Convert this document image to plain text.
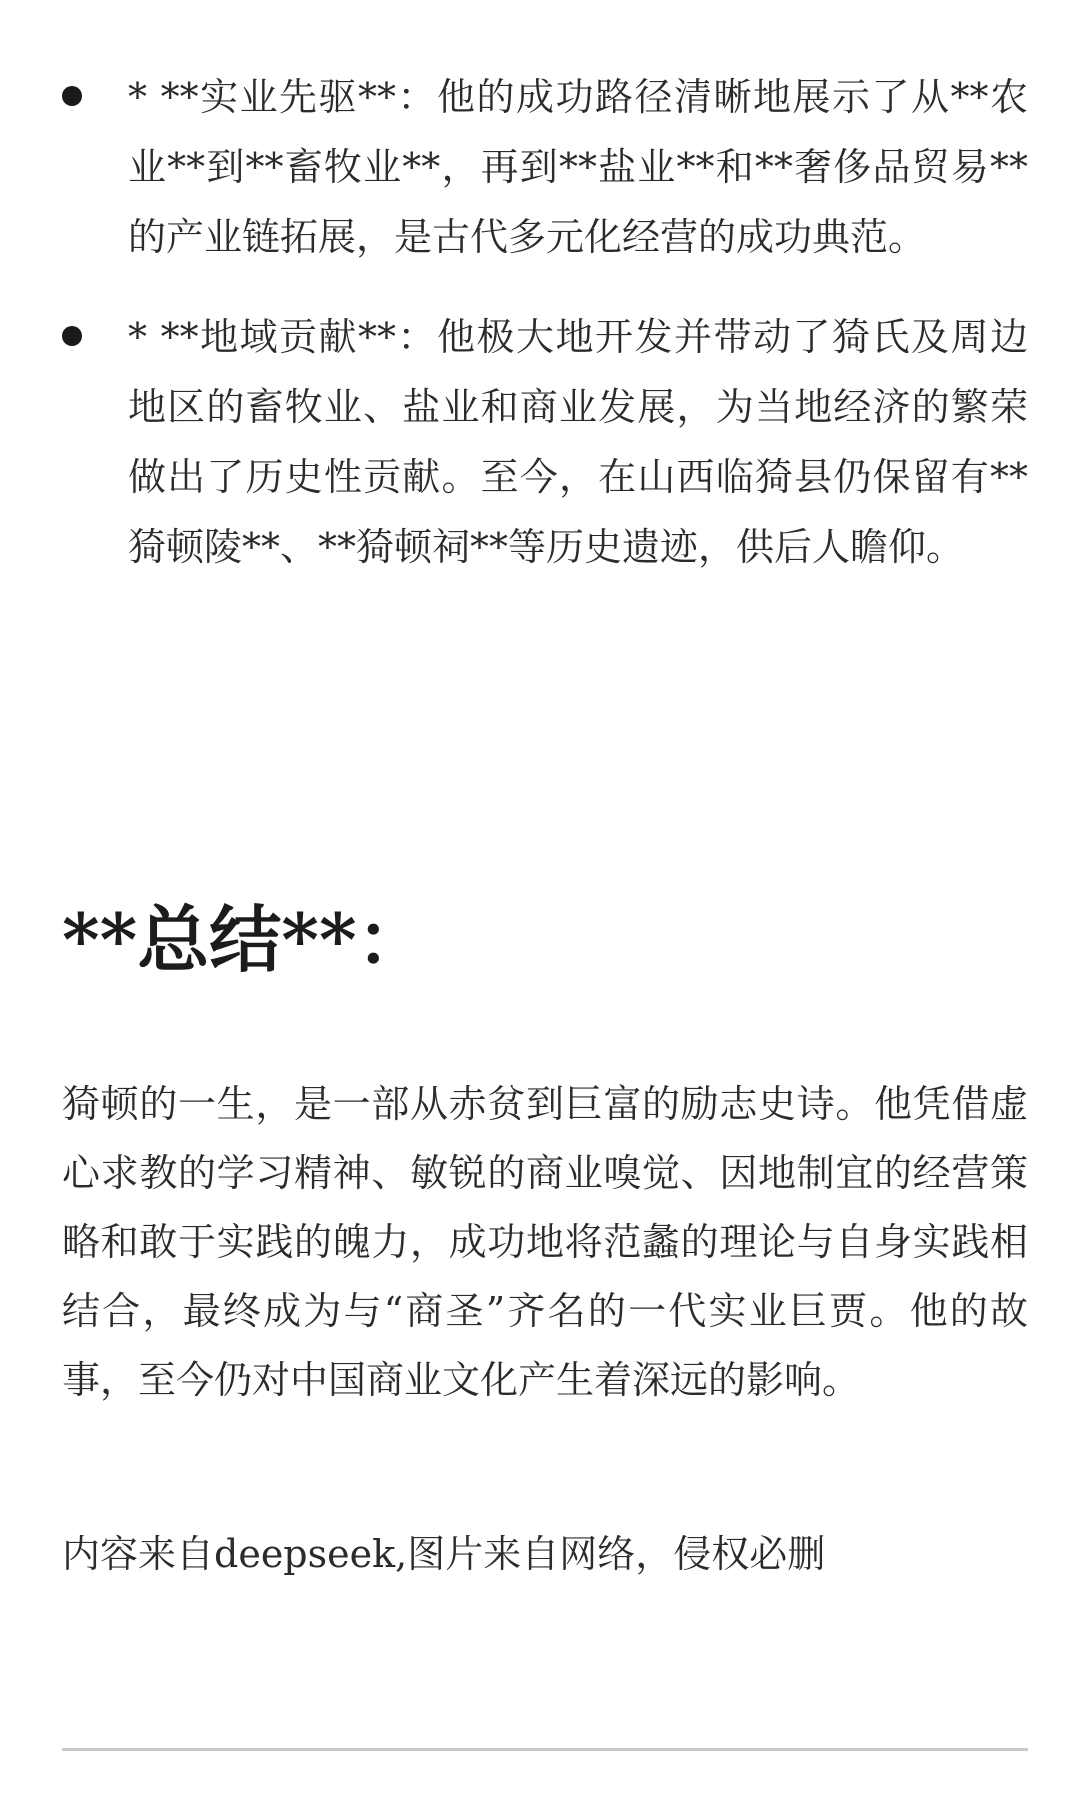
* **实业先驱**：他的成功路径清晰地展示了从**农业**到**畜牧业**，再到**盐业**和**奢侈品贸易**的产业链拓展，是古代多元化经营的成功典范。
* **地域贡献**：他极大地开发并带动了猗氏及周边地区的畜牧业、盐业和商业发展，为当地经济的繁荣做出了历史性贡献。至今，在山西临猗县仍保留有**猗顿陵**、**猗顿祠**等历史遗迹，供后人瞻仰。
**总结**：

猗顿的一生，是一部从赤贫到巨富的励志史诗。他凭借虚心求教的学习精神、敏锐的商业嗅觉、因地制宜的经营策略和敢于实践的魄力，成功地将范蠡的理论与自身实践相结合，最终成为与“商圣”齐名的一代实业巨贾。他的故事，至今仍对中国商业文化产生着深远的影响。

内容来自deepseek,图片来自网络，侵权必删
